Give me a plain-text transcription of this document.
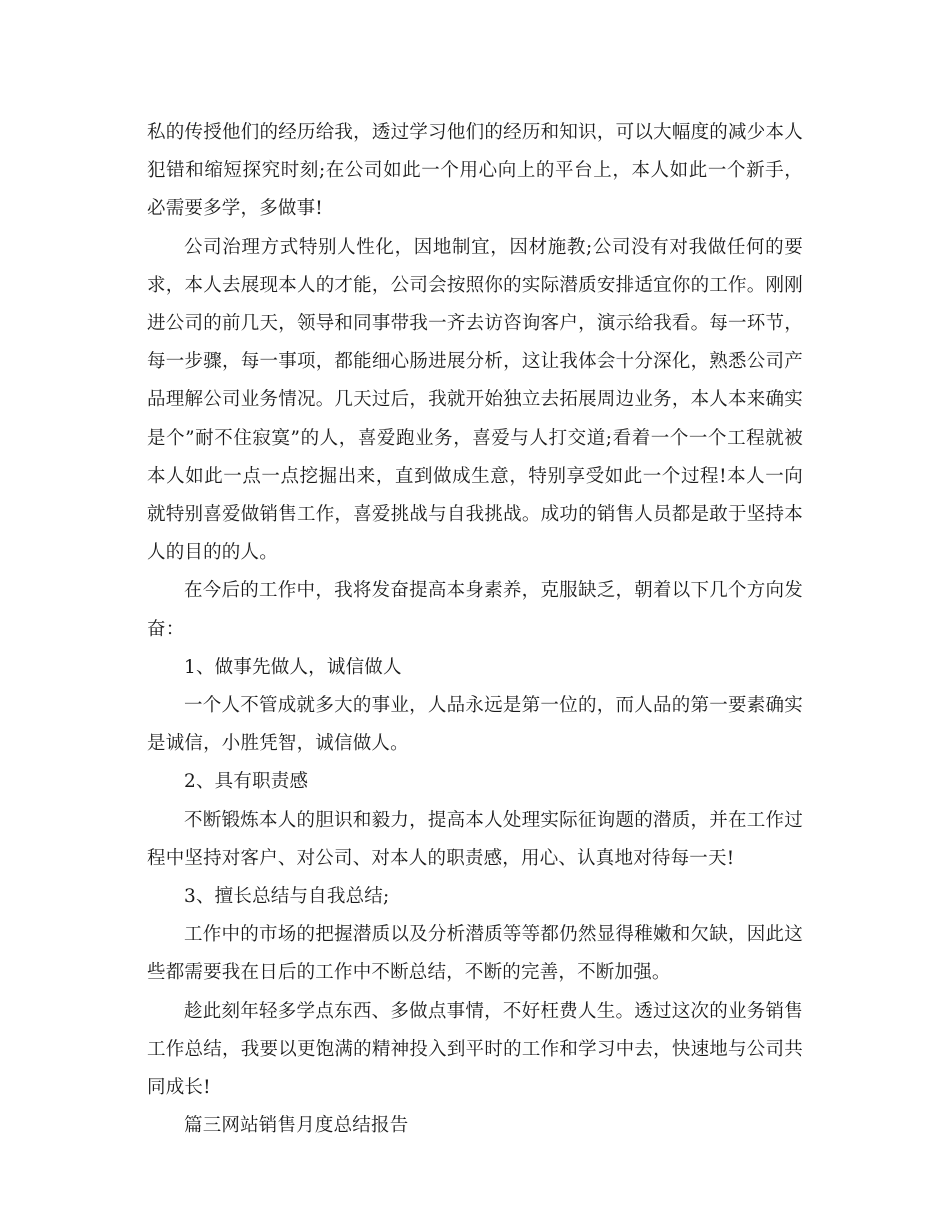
私的传授他们的经历给我，透过学习他们的经历和知识，可以大幅度的减少本人犯错和缩短探究时刻;在公司如此一个用心向上的平台上，本人如此一个新手，必需要多学，多做事!

公司治理方式特别人性化，因地制宜，因材施教;公司没有对我做任何的要求，本人去展现本人的才能，公司会按照你的实际潜质安排适宜你的工作。刚刚进公司的前几天，领导和同事带我一齐去访咨询客户，演示给我看。每一环节，每一步骤，每一事项，都能细心肠进展分析，这让我体会十分深化，熟悉公司产品理解公司业务情况。几天过后，我就开始独立去拓展周边业务，本人本来确实是个”耐不住寂寞”的人，喜爱跑业务，喜爱与人打交道;看着一个一个工程就被本人如此一点一点挖掘出来，直到做成生意，特别享受如此一个过程!本人一向就特别喜爱做销售工作，喜爱挑战与自我挑战。成功的销售人员都是敢于坚持本人的目的的人。

在今后的工作中，我将发奋提高本身素养，克服缺乏，朝着以下几个方向发奋：

1、做事先做人，诚信做人

一个人不管成就多大的事业，人品永远是第一位的，而人品的第一要素确实是诚信，小胜凭智，诚信做人。

2、具有职责感

不断锻炼本人的胆识和毅力，提高本人处理实际征询题的潜质，并在工作过程中坚持对客户、对公司、对本人的职责感，用心、认真地对待每一天!

3、擅长总结与自我总结;

工作中的市场的把握潜质以及分析潜质等等都仍然显得稚嫩和欠缺，因此这些都需要我在日后的工作中不断总结，不断的完善，不断加强。

趁此刻年轻多学点东西、多做点事情，不好枉费人生。透过这次的业务销售工作总结，我要以更饱满的精神投入到平时的工作和学习中去，快速地与公司共同成长!

篇三网站销售月度总结报告
